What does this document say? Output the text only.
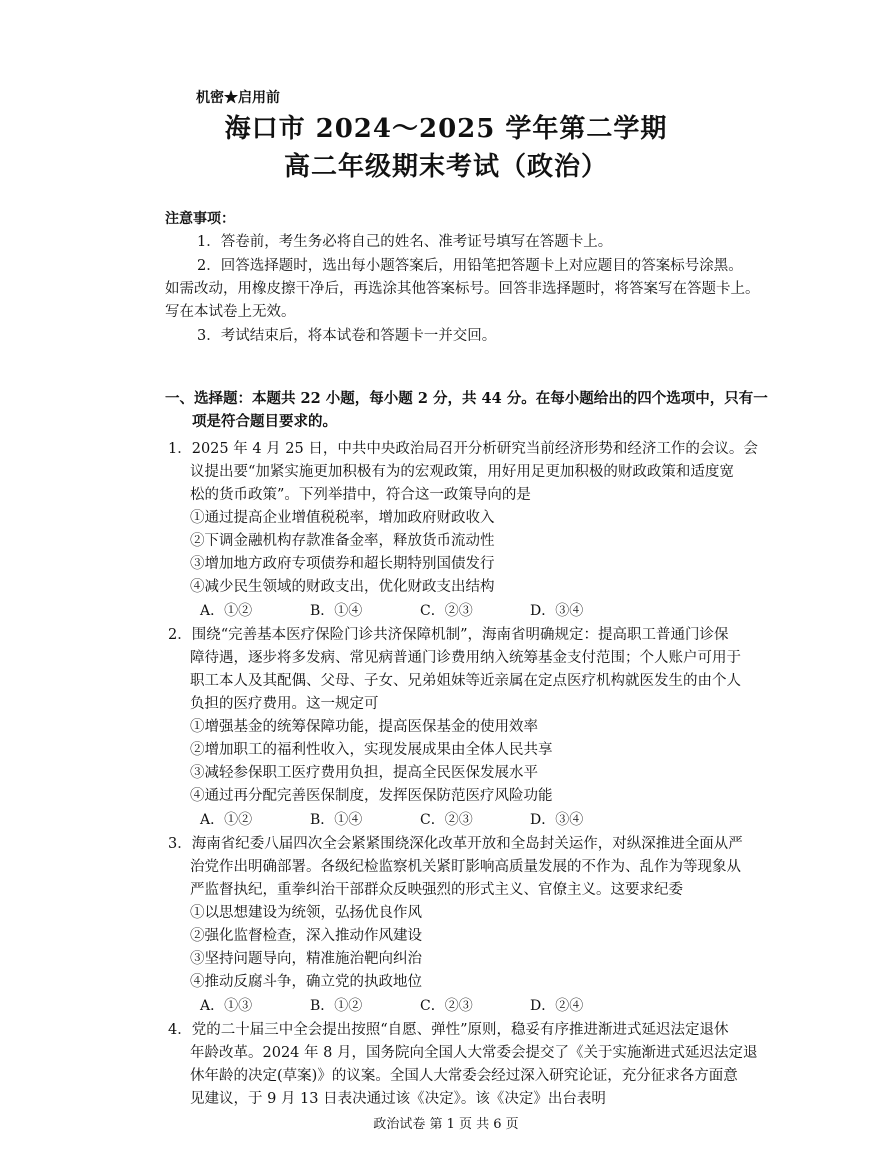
机密★启用前
海口市 2024～2025 学年第二学期
高二年级期末考试（政治）
注意事项：
1．答卷前，考生务必将自己的姓名、准考证号填写在答题卡上。
2．回答选择题时，选出每小题答案后，用铅笔把答题卡上对应题目的答案标号涂黑。
如需改动，用橡皮擦干净后，再选涂其他答案标号。回答非选择题时，将答案写在答题卡上。
写在本试卷上无效。
3．考试结束后，将本试卷和答题卡一并交回。
一、选择题：本题共 22 小题，每小题 2 分，共 44 分。在每小题给出的四个选项中，只有一
项是符合题目要求的。
1．2025 年 4 月 25 日，中共中央政治局召开分析研究当前经济形势和经济工作的会议。会
议提出要“加紧实施更加积极有为的宏观政策，用好用足更加积极的财政政策和适度宽
松的货币政策”。下列举措中，符合这一政策导向的是
①通过提高企业增值税税率，增加政府财政收入
②下调金融机构存款准备金率，释放货币流动性
③增加地方政府专项债券和超长期特别国债发行
④减少民生领域的财政支出，优化财政支出结构
A．①②	B．①④	C．②③	D．③④
2．围绕“完善基本医疗保险门诊共济保障机制”，海南省明确规定：提高职工普通门诊保
障待遇，逐步将多发病、常见病普通门诊费用纳入统筹基金支付范围；个人账户可用于
职工本人及其配偶、父母、子女、兄弟姐妹等近亲属在定点医疗机构就医发生的由个人
负担的医疗费用。这一规定可
①增强基金的统筹保障功能，提高医保基金的使用效率
②增加职工的福利性收入，实现发展成果由全体人民共享
③减轻参保职工医疗费用负担，提高全民医保发展水平
④通过再分配完善医保制度，发挥医保防范医疗风险功能
A．①②	B．①④	C．②③	D．③④
3．海南省纪委八届四次全会紧紧围绕深化改革开放和全岛封关运作，对纵深推进全面从严
治党作出明确部署。各级纪检监察机关紧盯影响高质量发展的不作为、乱作为等现象从
严监督执纪，重拳纠治干部群众反映强烈的形式主义、官僚主义。这要求纪委
①以思想建设为统领，弘扬优良作风
②强化监督检查，深入推动作风建设
③坚持问题导向，精准施治靶向纠治
④推动反腐斗争，确立党的执政地位
A．①③	B．①②	C．②③	D．②④
4．党的二十届三中全会提出按照“自愿、弹性”原则，稳妥有序推进渐进式延迟法定退休
年龄改革。2024 年 8 月，国务院向全国人大常委会提交了《关于实施渐进式延迟法定退
休年龄的决定(草案)》的议案。全国人大常委会经过深入研究论证，充分征求各方面意
见建议，于 9 月 13 日表决通过该《决定》。该《决定》出台表明
政治试卷 第 1 页 共 6 页
